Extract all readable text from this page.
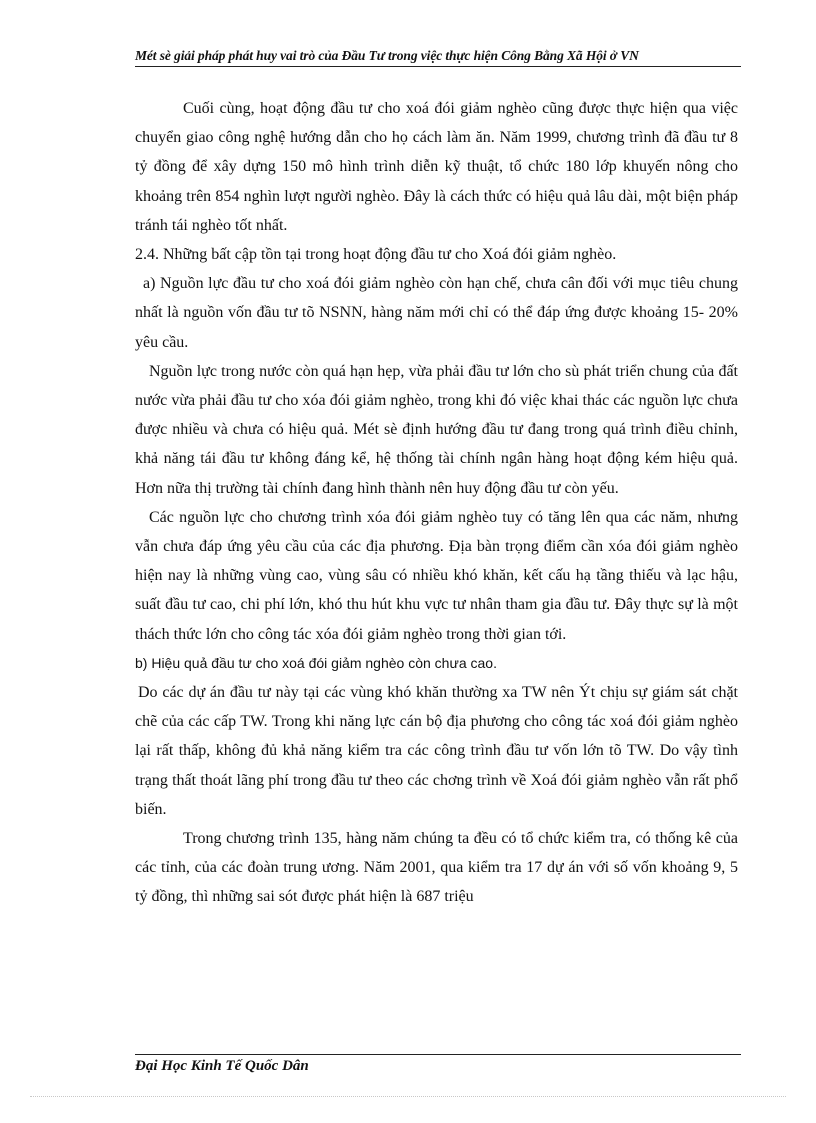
Mét sè giải pháp phát huy vai trò của Đầu Tư trong việc thực hiện Công Bằng Xã Hội ở VN

Cuối cùng, hoạt động đầu tư cho xoá đói giảm nghèo cũng được thực hiện qua việc chuyển giao công nghệ hướng dẫn cho họ cách làm ăn. Năm 1999, chương trình đã đầu tư 8 tỷ đồng để xây dựng 150 mô hình trình diễn kỹ thuật, tổ chức 180 lớp khuyến nông cho khoảng trên 854 nghìn lượt người nghèo. Đây là cách thức có hiệu quả lâu dài, một biện pháp tránh tái nghèo tốt nhất.

2.4. Những bất cập tồn tại trong hoạt động đầu tư cho Xoá đói giảm nghèo.

a) Nguồn lực đầu tư cho xoá đói giảm nghèo còn hạn chế, chưa cân đối với mục tiêu chung nhất là nguồn vốn đầu tư tõ NSNN, hàng năm mới chỉ có thể đáp ứng được khoảng 15- 20% yêu cầu.

Nguồn lực trong nước còn quá hạn hẹp, vừa phải đầu tư lớn cho sù phát triển chung của đất nước vừa phải đầu tư cho xóa đói giảm nghèo, trong khi đó việc khai thác các nguồn lực chưa được nhiều và chưa có hiệu quả. Mét sè định hướng đầu tư đang trong quá trình điều chỉnh, khả năng tái đầu tư không đáng kể, hệ thống tài chính ngân hàng hoạt động kém hiệu quả. Hơn nữa thị trường tài chính đang hình thành nên huy động đầu tư còn yếu.

Các nguồn lực cho chương trình xóa đói giảm nghèo tuy có tăng lên qua các năm, nhưng vẫn chưa đáp ứng yêu cầu của các địa phương. Địa bàn trọng điểm cần xóa đói giảm nghèo hiện nay là những vùng cao, vùng sâu có nhiều khó khăn, kết cấu hạ tầng thiếu và lạc hậu, suất đầu tư cao, chi phí lớn, khó thu hút khu vực tư nhân tham gia đầu tư. Đây thực sự là một thách thức lớn cho công tác xóa đói giảm nghèo trong thời gian tới.

b) Hiệu quả đầu tư cho xoá đói giảm nghèo còn chưa cao.

Do các dự án đầu tư này tại các vùng khó khăn thường xa TW nên Ýt chịu sự giám sát chặt chẽ của các cấp TW. Trong khi năng lực cán bộ địa phương cho công tác xoá đói giảm nghèo lại rất thấp, không đủ khả năng kiểm tra các công trình đầu tư vốn lớn tõ TW. Do vậy tình trạng thất thoát lãng phí trong đầu tư theo các chơng trình về Xoá đói giảm nghèo vẫn rất phổ biến.

Trong chương trình 135, hàng năm chúng ta đều có tổ chức kiểm tra, có thống kê của các tỉnh, của các đoàn trung ương. Năm 2001, qua kiểm tra 17 dự án với số vốn khoảng 9, 5 tỷ đồng, thì những sai sót được phát hiện là 687 triệu

Đại Học Kinh Tế Quốc Dân
